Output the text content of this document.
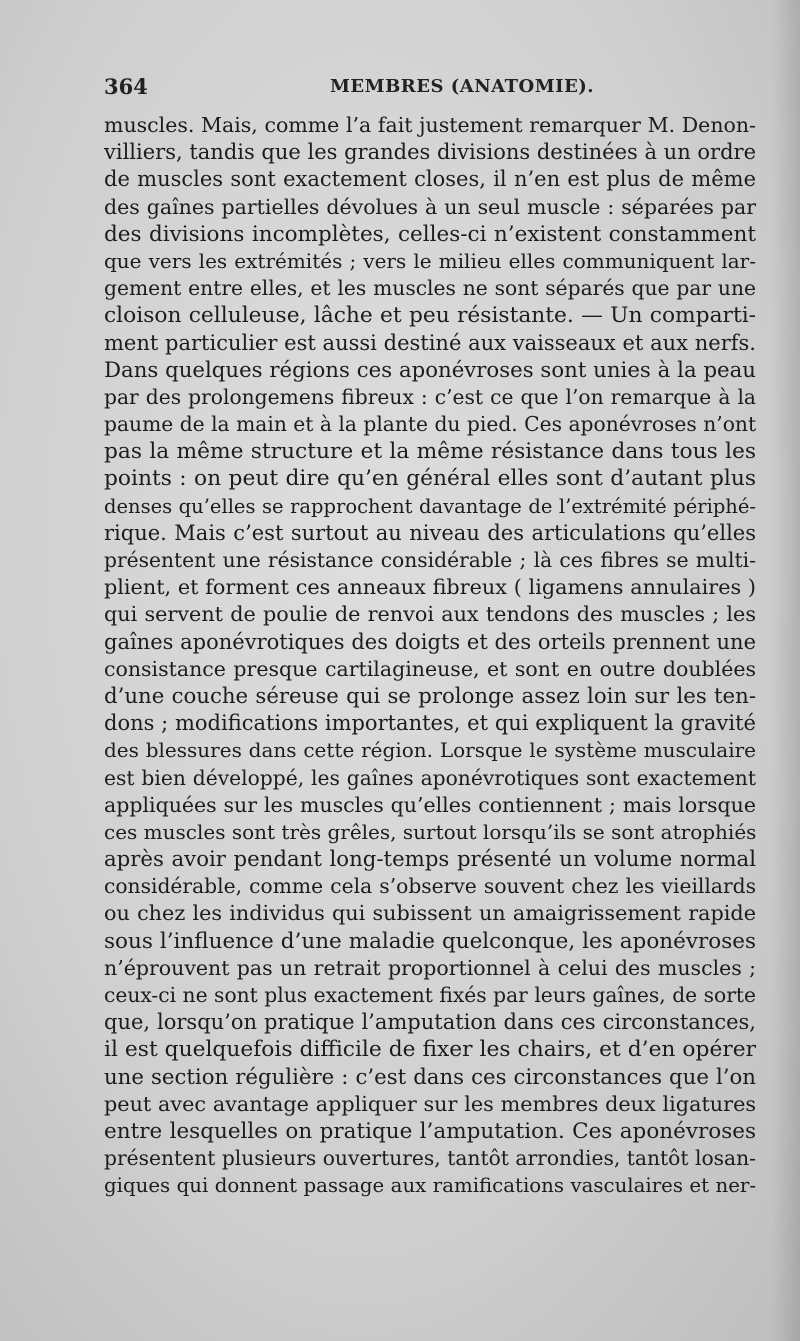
364	MEMBRES (ANATOMIE).
muscles. Mais, comme l’a fait justement remarquer M. Denon-
villiers, tandis que les grandes divisions destinées à un ordre
de muscles sont exactement closes, il n’en est plus de même
des gaînes partielles dévolues à un seul muscle : séparées par
des divisions incomplètes, celles-ci n’existent constamment
que vers les extrémités ; vers le milieu elles communiquent lar-
gement entre elles, et les muscles ne sont séparés que par une
cloison celluleuse, lâche et peu résistante. — Un comparti-
ment particulier est aussi destiné aux vaisseaux et aux nerfs.
Dans quelques régions ces aponévroses sont unies à la peau
par des prolongemens fibreux : c’est ce que l’on remarque à la
paume de la main et à la plante du pied. Ces aponévroses n’ont
pas la même structure et la même résistance dans tous les
points : on peut dire qu’en général elles sont d’autant plus
denses qu’elles se rapprochent davantage de l’extrémité périphé-
rique. Mais c’est surtout au niveau des articulations qu’elles
présentent une résistance considérable ; là ces fibres se multi-
plient, et forment ces anneaux fibreux ( ligamens annulaires )
qui servent de poulie de renvoi aux tendons des muscles ; les
gaînes aponévrotiques des doigts et des orteils prennent une
consistance presque cartilagineuse, et sont en outre doublées
d’une couche séreuse qui se prolonge assez loin sur les ten-
dons ; modifications importantes, et qui expliquent la gravité
des blessures dans cette région. Lorsque le système musculaire
est bien développé, les gaînes aponévrotiques sont exactement
appliquées sur les muscles qu’elles contiennent ; mais lorsque
ces muscles sont très grêles, surtout lorsqu’ils se sont atrophiés
après avoir pendant long-temps présenté un volume normal
considérable, comme cela s’observe souvent chez les vieillards
ou chez les individus qui subissent un amaigrissement rapide
sous l’influence d’une maladie quelconque, les aponévroses
n’éprouvent pas un retrait proportionnel à celui des muscles ;
ceux-ci ne sont plus exactement fixés par leurs gaînes, de sorte
que, lorsqu’on pratique l’amputation dans ces circonstances,
il est quelquefois difficile de fixer les chairs, et d’en opérer
une section régulière : c’est dans ces circonstances que l’on
peut avec avantage appliquer sur les membres deux ligatures
entre lesquelles on pratique l’amputation. Ces aponévroses
présentent plusieurs ouvertures, tantôt arrondies, tantôt losan-
giques qui donnent passage aux ramifications vasculaires et ner-
